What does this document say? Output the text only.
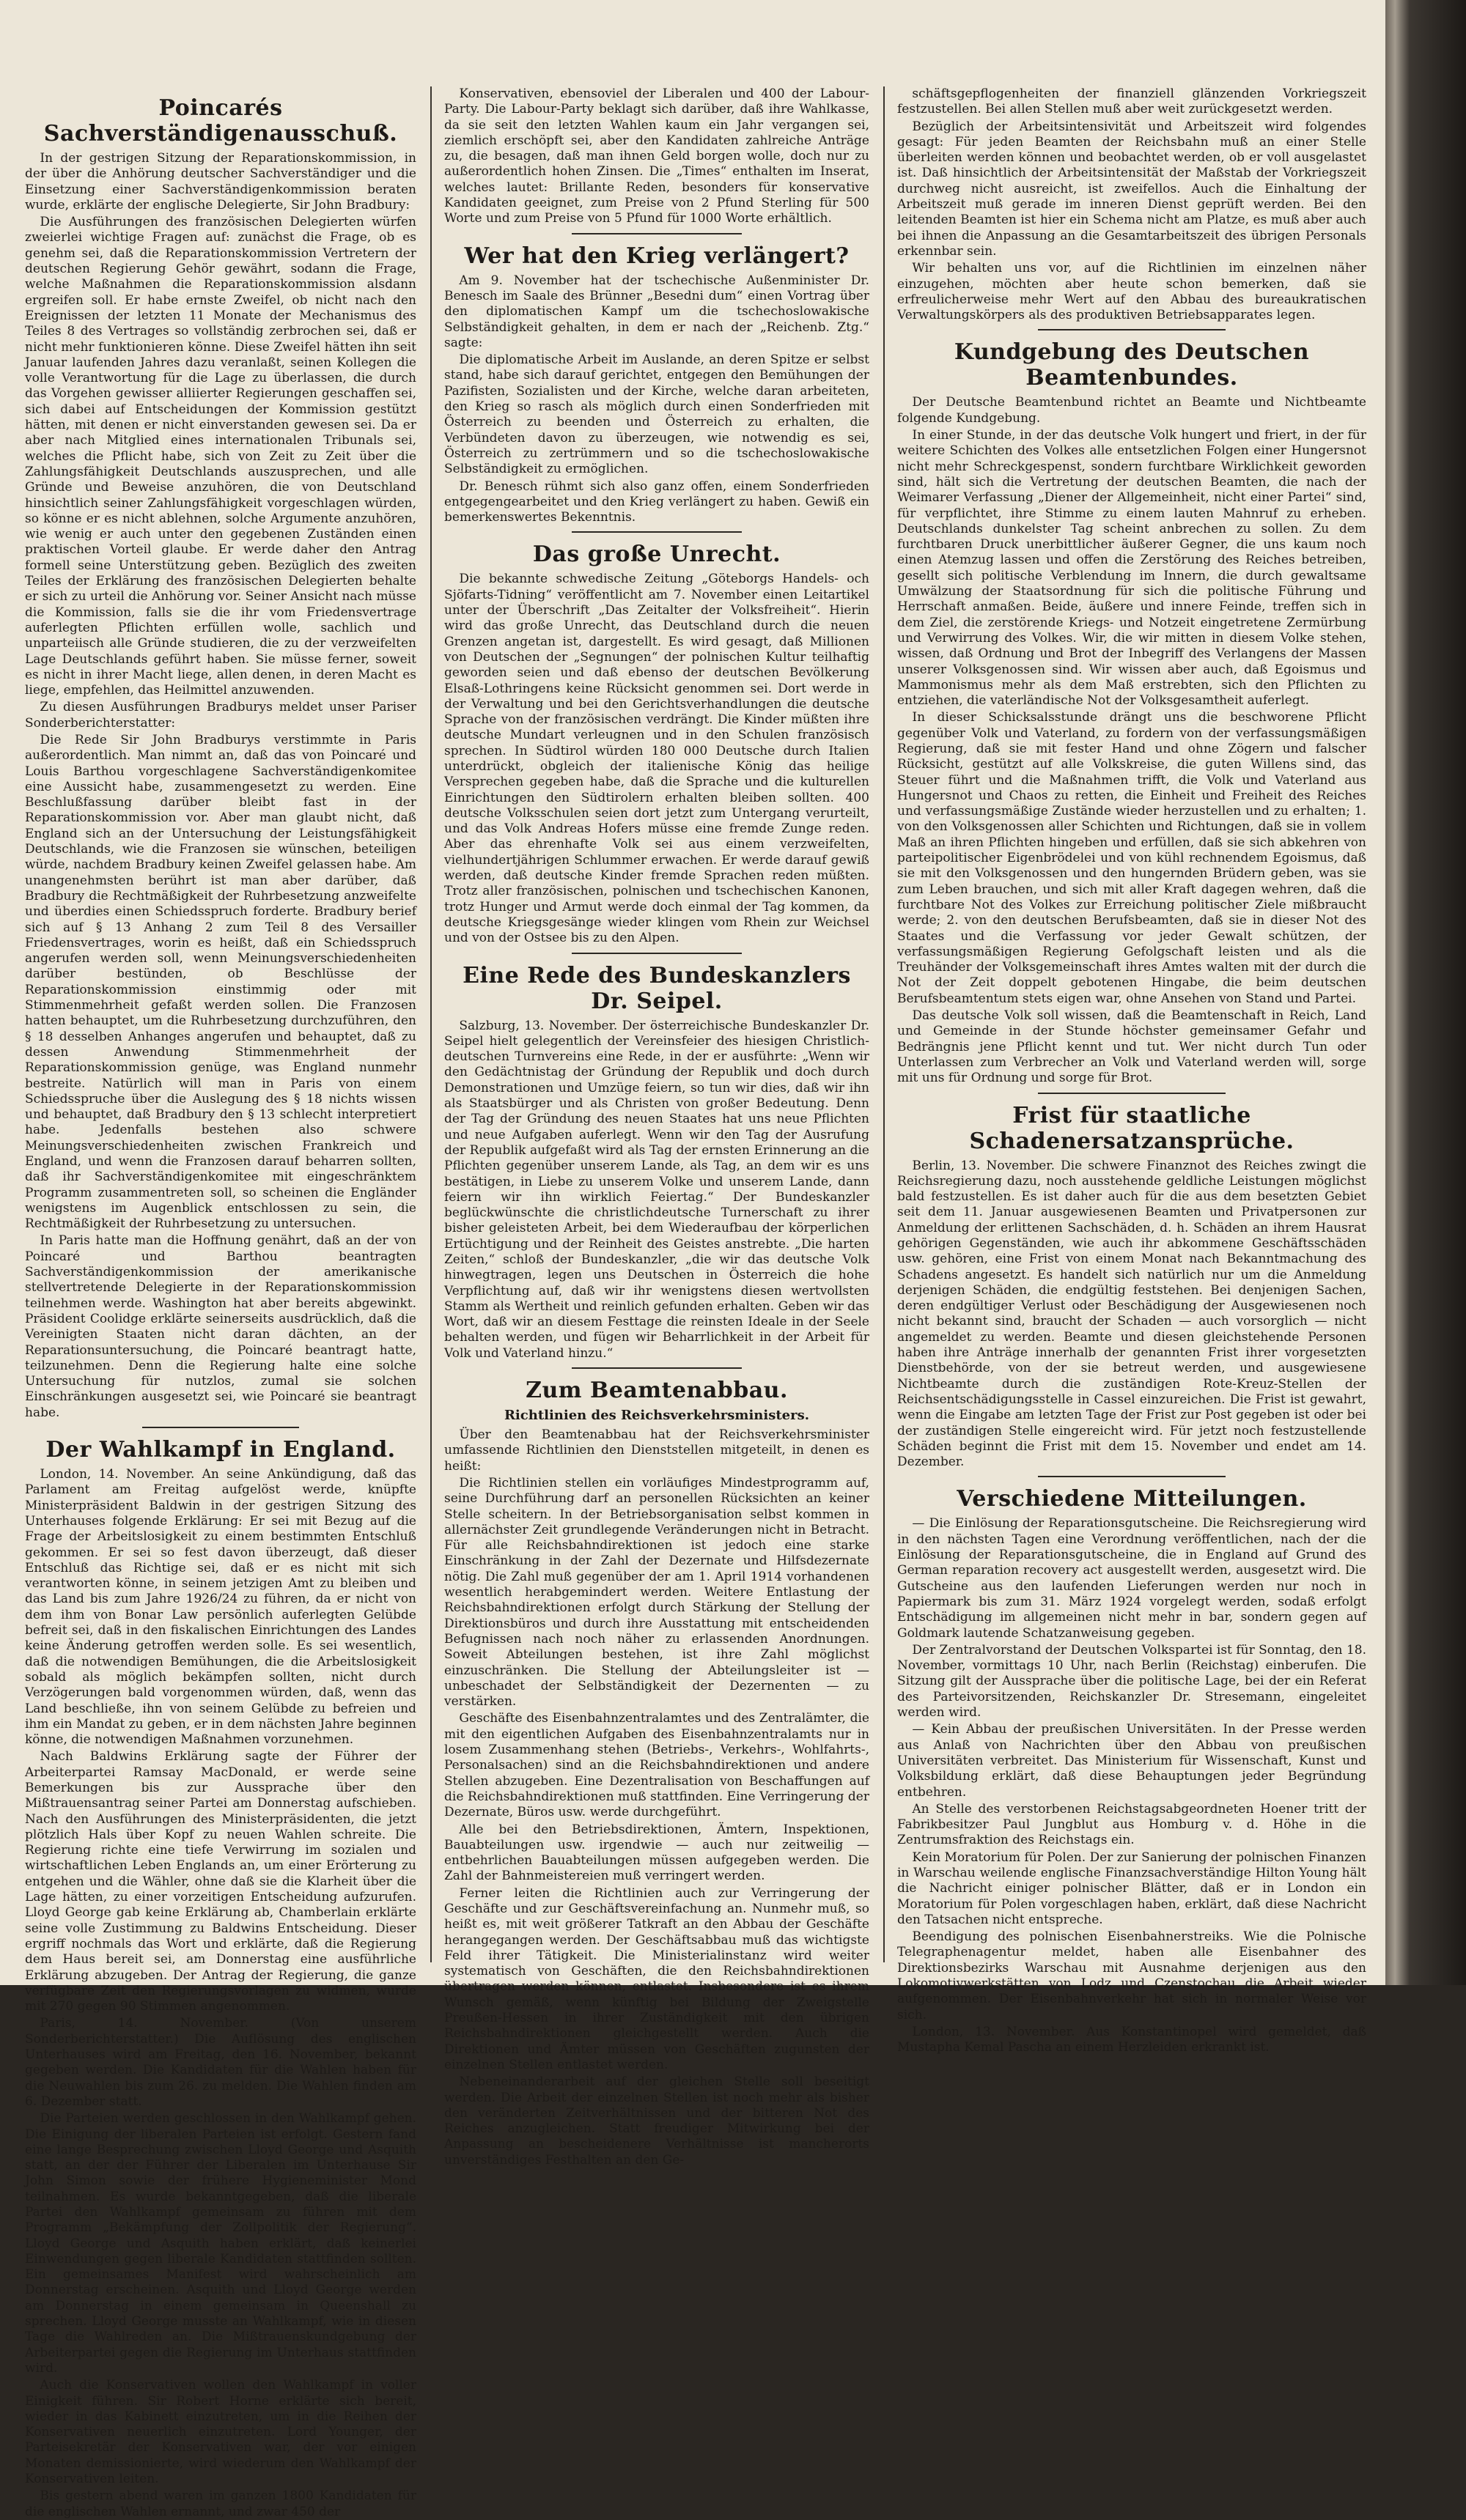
Poincarés Sachverständigenausschuß.

In der gestrigen Sitzung der Reparationskommission, in der über die Anhörung deutscher Sachverständiger und die Einsetzung einer Sachverständigenkommission beraten wurde, erklärte der englische Delegierte, Sir John Bradbury:

Die Ausführungen des französischen Delegierten würfen zweierlei wichtige Fragen auf: zunächst die Frage, ob es genehm sei, daß die Reparationskommission Vertretern der deutschen Regierung Gehör gewährt, sodann die Frage, welche Maßnahmen die Reparationskommission alsdann ergreifen soll. Er habe ernste Zweifel, ob nicht nach den Ereignissen der letzten 11 Monate der Mechanismus des Teiles 8 des Vertrages so vollständig zerbrochen sei, daß er nicht mehr funktionieren könne. Diese Zweifel hätten ihn seit Januar laufenden Jahres dazu veranlaßt, seinen Kollegen die volle Verantwortung für die Lage zu überlassen, die durch das Vorgehen gewisser alliierter Regierungen geschaffen sei, sich dabei auf Entscheidungen der Kommission gestützt hätten, mit denen er nicht einverstanden gewesen sei. Da er aber nach Mitglied eines internationalen Tribunals sei, welches die Pflicht habe, sich von Zeit zu Zeit über die Zahlungsfähigkeit Deutschlands auszusprechen, und alle Gründe und Beweise anzuhören, die von Deutschland hinsichtlich seiner Zahlungsfähigkeit vorgeschlagen würden, so könne er es nicht ablehnen, solche Argumente anzuhören, wie wenig er auch unter den gegebenen Zuständen einen praktischen Vorteil glaube. Er werde daher den Antrag formell seine Unterstützung geben. Bezüglich des zweiten Teiles der Erklärung des französischen Delegierten behalte er sich zu urteil die Anhörung vor. Seiner Ansicht nach müsse die Kommission, falls sie die ihr vom Friedensvertrage auferlegten Pflichten erfüllen wolle, sachlich und unparteiisch alle Gründe studieren, die zu der verzweifelten Lage Deutschlands geführt haben. Sie müsse ferner, soweit es nicht in ihrer Macht liege, allen denen, in deren Macht es liege, empfehlen, das Heilmittel anzuwenden.

Zu diesen Ausführungen Bradburys meldet unser Pariser Sonderberichterstatter:

Die Rede Sir John Bradburys verstimmte in Paris außerordentlich. Man nimmt an, daß das von Poincaré und Louis Barthou vorgeschlagene Sachverständigenkomitee eine Aussicht habe, zusammengesetzt zu werden. Eine Beschlußfassung darüber bleibt fast in der Reparationskommission vor. Aber man glaubt nicht, daß England sich an der Untersuchung der Leistungsfähigkeit Deutschlands, wie die Franzosen sie wünschen, beteiligen würde, nachdem Bradbury keinen Zweifel gelassen habe. Am unangenehmsten berührt ist man aber darüber, daß Bradbury die Rechtmäßigkeit der Ruhrbesetzung anzweifelte und überdies einen Schiedsspruch forderte. Bradbury berief sich auf § 13 Anhang 2 zum Teil 8 des Versailler Friedensvertrages, worin es heißt, daß ein Schiedsspruch angerufen werden soll, wenn Meinungsverschiedenheiten darüber bestünden, ob Beschlüsse der Reparationskommission einstimmig oder mit Stimmenmehrheit gefaßt werden sollen. Die Franzosen hatten behauptet, um die Ruhrbesetzung durchzuführen, den § 18 desselben Anhanges angerufen und behauptet, daß zu dessen Anwendung Stimmenmehrheit der Reparationskommission genüge, was England nunmehr bestreite. Natürlich will man in Paris von einem Schiedsspruche über die Auslegung des § 18 nichts wissen und behauptet, daß Bradbury den § 13 schlecht interpretiert habe. Jedenfalls bestehen also schwere Meinungsverschiedenheiten zwischen Frankreich und England, und wenn die Franzosen darauf beharren sollten, daß ihr Sachverständigenkomitee mit eingeschränktem Programm zusammentreten soll, so scheinen die Engländer wenigstens im Augenblick entschlossen zu sein, die Rechtmäßigkeit der Ruhrbesetzung zu untersuchen.

In Paris hatte man die Hoffnung genährt, daß an der von Poincaré und Barthou beantragten Sachverständigenkommission der amerikanische stellvertretende Delegierte in der Reparationskommission teilnehmen werde. Washington hat aber bereits abgewinkt. Präsident Coolidge erklärte seinerseits ausdrücklich, daß die Vereinigten Staaten nicht daran dächten, an der Reparationsuntersuchung, die Poincaré beantragt hatte, teilzunehmen. Denn die Regierung halte eine solche Untersuchung für nutzlos, zumal sie solchen Einschränkungen ausgesetzt sei, wie Poincaré sie beantragt habe.

Der Wahlkampf in England.

London, 14. November. An seine Ankündigung, daß das Parlament am Freitag aufgelöst werde, knüpfte Ministerpräsident Baldwin in der gestrigen Sitzung des Unterhauses folgende Erklärung: Er sei mit Bezug auf die Frage der Arbeitslosigkeit zu einem bestimmten Entschluß gekommen. Er sei so fest davon überzeugt, daß dieser Entschluß das Richtige sei, daß er es nicht mit sich verantworten könne, in seinem jetzigen Amt zu bleiben und das Land bis zum Jahre 1926/24 zu führen, da er nicht von dem ihm von Bonar Law persönlich auferlegten Gelübde befreit sei, daß in den fiskalischen Einrichtungen des Landes keine Änderung getroffen werden solle. Es sei wesentlich, daß die notwendigen Bemühungen, die die Arbeitslosigkeit sobald als möglich bekämpfen sollten, nicht durch Verzögerungen bald vorgenommen würden, daß, wenn das Land beschließe, ihn von seinem Gelübde zu befreien und ihm ein Mandat zu geben, er in dem nächsten Jahre beginnen könne, die notwendigen Maßnahmen vorzunehmen.

Nach Baldwins Erklärung sagte der Führer der Arbeiterpartei Ramsay MacDonald, er werde seine Bemerkungen bis zur Aussprache über den Mißtrauensantrag seiner Partei am Donnerstag aufschieben. Nach den Ausführungen des Ministerpräsidenten, die jetzt plötzlich Hals über Kopf zu neuen Wahlen schreite. Die Regierung richte eine tiefe Verwirrung im sozialen und wirtschaftlichen Leben Englands an, um einer Erörterung zu entgehen und die Wähler, ohne daß sie die Klarheit über die Lage hätten, zu einer vorzeitigen Entscheidung aufzurufen. Lloyd George gab keine Erklärung ab, Chamberlain erklärte seine volle Zustimmung zu Baldwins Entscheidung. Dieser ergriff nochmals das Wort und erklärte, daß die Regierung dem Haus bereit sei, am Donnerstag eine ausführliche Erklärung abzugeben. Der Antrag der Regierung, die ganze verfügbare Zeit den Regierungsvorlagen zu widmen, wurde mit 270 gegen 90 Stimmen angenommen.

Paris, 14. November. (Von unserem Sonderberichterstatter.) Die Auflösung des englischen Unterhauses wird am Freitag, den 16. November, bekannt gegeben werden. Die Kandidaten für die Wahlen haben für die Neuwahlen bis zum 26. zu melden. Die Wahlen finden am 6. Dezember statt.

Die Parteien werden geschlossen in den Wahlkampf gehen. Die Einigung der liberalen Parteien ist erfolgt. Gestern fand eine lange Besprechung zwischen Lloyd George und Asquith statt, an der der Führer der Liberalen im Unterhause Sir John Simon sowie der frühere Hygieneminister Mond teilnahmen. Es wurde bekanntgegeben, daß die liberale Partei den Wahlkampf gemeinsam zu führen mit dem Programm „Bekämpfung der Zollpolitik der Regierung“. Lloyd George und Asquith haben erklärt, daß keinerlei Einwendungen gegen liberale Kandidaten stattfinden sollten. Ein gemeinsames Manifest wird wahrscheinlich am Donnerstag erscheinen. Asquith und Lloyd George werden am Donnerstag in einem gemeinsam in Queenshall zu sprechen. Lloyd George musste an Wahlkampf, wie in diesen Tage die Wahlreden an. Die Mißtrauenskundgebung der Arbeiterpartei gegen die Regierung im Unterhaus stattfinden wird.

Auch die Konservativen wollen den Wahlkampf in voller Einigkeit führen. Sir Robert Horne erklärte sich bereit, wieder in das Kabinett einzutreten, um in die Reihen der Konservativen neuerlich einzutreten. Lord Younger, der Parteisekretär der Konservativen war, der vor einigen Monaten demissionierte, wird wiederum den Wahlkampf der Konservativen leiten.

Bis gestern abend waren im ganzen 1800 Kandidaten für die englischen Wahlen ernannt, und zwar 450 der

Konservativen, ebensoviel der Liberalen und 400 der Labour-Party. Die Labour-Party beklagt sich darüber, daß ihre Wahlkasse, da sie seit den letzten Wahlen kaum ein Jahr vergangen sei, ziemlich erschöpft sei, aber den Kandidaten zahlreiche Anträge zu, die besagen, daß man ihnen Geld borgen wolle, doch nur zu außerordentlich hohen Zinsen. Die „Times“ enthalten im Inserat, welches lautet: Brillante Reden, besonders für konservative Kandidaten geeignet, zum Preise von 2 Pfund Sterling für 500 Worte und zum Preise von 5 Pfund für 1000 Worte erhältlich.

Wer hat den Krieg verlängert?

Am 9. November hat der tschechische Außenminister Dr. Benesch im Saale des Brünner „Besedni dum“ einen Vortrag über den diplomatischen Kampf um die tschechoslowakische Selbständigkeit gehalten, in dem er nach der „Reichenb. Ztg.“ sagte:

Die diplomatische Arbeit im Auslande, an deren Spitze er selbst stand, habe sich darauf gerichtet, entgegen den Bemühungen der Pazifisten, Sozialisten und der Kirche, welche daran arbeiteten, den Krieg so rasch als möglich durch einen Sonderfrieden mit Österreich zu beenden und Österreich zu erhalten, die Verbündeten davon zu überzeugen, wie notwendig es sei, Österreich zu zertrümmern und so die tschechoslowakische Selbständigkeit zu ermöglichen.

Dr. Benesch rühmt sich also ganz offen, einem Sonderfrieden entgegengearbeitet und den Krieg verlängert zu haben. Gewiß ein bemerkenswertes Bekenntnis.

Das große Unrecht.

Die bekannte schwedische Zeitung „Göteborgs Handels- och Sjöfarts-Tidning“ veröffentlicht am 7. November einen Leitartikel unter der Überschrift „Das Zeitalter der Volksfreiheit“. Hierin wird das große Unrecht, das Deutschland durch die neuen Grenzen angetan ist, dargestellt. Es wird gesagt, daß Millionen von Deutschen der „Segnungen“ der polnischen Kultur teilhaftig geworden seien und daß ebenso der deutschen Bevölkerung Elsaß-Lothringens keine Rücksicht genommen sei. Dort werde in der Verwaltung und bei den Gerichtsverhandlungen die deutsche Sprache von der französischen verdrängt. Die Kinder müßten ihre deutsche Mundart verleugnen und in den Schulen französisch sprechen. In Südtirol würden 180 000 Deutsche durch Italien unterdrückt, obgleich der italienische König das heilige Versprechen gegeben habe, daß die Sprache und die kulturellen Einrichtungen den Südtirolern erhalten bleiben sollten. 400 deutsche Volksschulen seien dort jetzt zum Untergang verurteilt, und das Volk Andreas Hofers müsse eine fremde Zunge reden. Aber das ehrenhafte Volk sei aus einem verzweifelten, vielhundertjährigen Schlummer erwachen. Er werde darauf gewiß werden, daß deutsche Kinder fremde Sprachen reden müßten. Trotz aller französischen, polnischen und tschechischen Kanonen, trotz Hunger und Armut werde doch einmal der Tag kommen, da deutsche Kriegsgesänge wieder klingen vom Rhein zur Weichsel und von der Ostsee bis zu den Alpen.

Eine Rede des Bundeskanzlers Dr. Seipel.

Salzburg, 13. November. Der österreichische Bundeskanzler Dr. Seipel hielt gelegentlich der Vereinsfeier des hiesigen Christlich-deutschen Turnvereins eine Rede, in der er ausführte: „Wenn wir den Gedächtnistag der Gründung der Republik und doch durch Demonstrationen und Umzüge feiern, so tun wir dies, daß wir ihn als Staatsbürger und als Christen von großer Bedeutung. Denn der Tag der Gründung des neuen Staates hat uns neue Pflichten und neue Aufgaben auferlegt. Wenn wir den Tag der Ausrufung der Republik aufgefaßt wird als Tag der ernsten Erinnerung an die Pflichten gegenüber unserem Lande, als Tag, an dem wir es uns bestätigen, in Liebe zu unserem Volke und unserem Lande, dann feiern wir ihn wirklich Feiertag.“ Der Bundeskanzler beglückwünschte die christlichdeutsche Turnerschaft zu ihrer bisher geleisteten Arbeit, bei dem Wiederaufbau der körperlichen Ertüchtigung und der Reinheit des Geistes anstrebte. „Die harten Zeiten,“ schloß der Bundeskanzler, „die wir das deutsche Volk hinwegtragen, legen uns Deutschen in Österreich die hohe Verpflichtung auf, daß wir ihr wenigstens diesen wertvollsten Stamm als Wertheit und reinlich gefunden erhalten. Geben wir das Wort, daß wir an diesem Festtage die reinsten Ideale in der Seele behalten werden, und fügen wir Beharrlichkeit in der Arbeit für Volk und Vaterland hinzu.“

Zum Beamtenabbau.
Richtlinien des Reichsverkehrsministers.

Über den Beamtenabbau hat der Reichsverkehrsminister umfassende Richtlinien den Dienststellen mitgeteilt, in denen es heißt:

Die Richtlinien stellen ein vorläufiges Mindestprogramm auf, seine Durchführung darf an personellen Rücksichten an keiner Stelle scheitern. In der Betriebsorganisation selbst kommen in allernächster Zeit grundlegende Veränderungen nicht in Betracht. Für alle Reichsbahndirektionen ist jedoch eine starke Einschränkung in der Zahl der Dezernate und Hilfsdezernate nötig. Die Zahl muß gegenüber der am 1. April 1914 vorhandenen wesentlich herabgemindert werden. Weitere Entlastung der Reichsbahndirektionen erfolgt durch Stärkung der Stellung der Direktionsbüros und durch ihre Ausstattung mit entscheidenden Befugnissen nach noch näher zu erlassenden Anordnungen. Soweit Abteilungen bestehen, ist ihre Zahl möglichst einzuschränken. Die Stellung der Abteilungsleiter ist — unbeschadet der Selbständigkeit der Dezernenten — zu verstärken.

Geschäfte des Eisenbahnzentralamtes und des Zentralämter, die mit den eigentlichen Aufgaben des Eisenbahnzentralamts nur in losem Zusammenhang stehen (Betriebs-, Verkehrs-, Wohlfahrts-, Personalsachen) sind an die Reichsbahndirektionen und andere Stellen abzugeben. Eine Dezentralisation von Beschaffungen auf die Reichsbahndirektionen muß stattfinden. Eine Verringerung der Dezernate, Büros usw. werde durchgeführt.

Alle bei den Betriebsdirektionen, Ämtern, Inspektionen, Bauabteilungen usw. irgendwie — auch nur zeitweilig — entbehrlichen Bauabteilungen müssen aufgegeben werden. Die Zahl der Bahnmeistereien muß verringert werden.

Ferner leiten die Richtlinien auch zur Verringerung der Geschäfte und zur Geschäftsvereinfachung an. Nunmehr muß, so heißt es, mit weit größerer Tatkraft an den Abbau der Geschäfte herangegangen werden. Der Geschäftsabbau muß das wichtigste Feld ihrer Tätigkeit. Die Ministerialinstanz wird weiter systematisch von Geschäften, die den Reichsbahndirektionen übertragen werden können, entlastet. Insbesondere ist es ihrem Wunsch gemäß, wenn künftig bei Bildung der Zweigstelle Preußen-Hessen in ihrer Zuständigkeit mit den übrigen Reichsbahndirektionen gleichgestellt werden. Auch die Direktionen und Ämter müssen von Geschäften zugunsten der einzelnen Stellen entlastet werden.

Nebeneinanderarbeit auf der gleichen Stelle soll beseitigt werden. Die Arbeit der einzelnen Stellen ist noch mehr als bisher den veränderten Zeitverhältnissen und der bitteren Not des Reiches anzugleichen. Statt freudiger Mitwirkung bei der Anpassung an bescheidenere Verhältnisse ist mancherorts unverständiges Festhalten an den Ge-

schäftsgepflogenheiten der finanziell glänzenden Vorkriegszeit festzustellen. Bei allen Stellen muß aber weit zurückgesetzt werden.

Bezüglich der Arbeitsintensivität und Arbeitszeit wird folgendes gesagt: Für jeden Beamten der Reichsbahn muß an einer Stelle überleiten werden können und beobachtet werden, ob er voll ausgelastet ist. Daß hinsichtlich der Arbeitsintensität der Maßstab der Vorkriegszeit durchweg nicht ausreicht, ist zweifellos. Auch die Einhaltung der Arbeitszeit muß gerade im inneren Dienst geprüft werden. Bei den leitenden Beamten ist hier ein Schema nicht am Platze, es muß aber auch bei ihnen die Anpassung an die Gesamtarbeitszeit des übrigen Personals erkennbar sein.

Wir behalten uns vor, auf die Richtlinien im einzelnen näher einzugehen, möchten aber heute schon bemerken, daß sie erfreulicherweise mehr Wert auf den Abbau des bureaukratischen Verwaltungskörpers als des produktiven Betriebsapparates legen.

Kundgebung des Deutschen Beamtenbundes.

Der Deutsche Beamtenbund richtet an Beamte und Nichtbeamte folgende Kundgebung.

In einer Stunde, in der das deutsche Volk hungert und friert, in der für weitere Schichten des Volkes alle entsetzlichen Folgen einer Hungersnot nicht mehr Schreckgespenst, sondern furchtbare Wirklichkeit geworden sind, hält sich die Vertretung der deutschen Beamten, die nach der Weimarer Verfassung „Diener der Allgemeinheit, nicht einer Partei“ sind, für verpflichtet, ihre Stimme zu einem lauten Mahnruf zu erheben. Deutschlands dunkelster Tag scheint anbrechen zu sollen. Zu dem furchtbaren Druck unerbittlicher äußerer Gegner, die uns kaum noch einen Atemzug lassen und offen die Zerstörung des Reiches betreiben, gesellt sich politische Verblendung im Innern, die durch gewaltsame Umwälzung der Staatsordnung für sich die politische Führung und Herrschaft anmaßen. Beide, äußere und innere Feinde, treffen sich in dem Ziel, die zerstörende Kriegs- und Notzeit eingetretene Zermürbung und Verwirrung des Volkes. Wir, die wir mitten in diesem Volke stehen, wissen, daß Ordnung und Brot der Inbegriff des Verlangens der Massen unserer Volksgenossen sind. Wir wissen aber auch, daß Egoismus und Mammonismus mehr als dem Maß erstrebten, sich den Pflichten zu entziehen, die vaterländische Not der Volksgesamtheit auferlegt.

In dieser Schicksalsstunde drängt uns die beschworene Pflicht gegenüber Volk und Vaterland, zu fordern von der verfassungsmäßigen Regierung, daß sie mit fester Hand und ohne Zögern und falscher Rücksicht, gestützt auf alle Volkskreise, die guten Willens sind, das Steuer führt und die Maßnahmen trifft, die Volk und Vaterland aus Hungersnot und Chaos zu retten, die Einheit und Freiheit des Reiches und verfassungsmäßige Zustände wieder herzustellen und zu erhalten; 1. von den Volksgenossen aller Schichten und Richtungen, daß sie in vollem Maß an ihren Pflichten hingeben und erfüllen, daß sie sich abkehren von parteipolitischer Eigenbrödelei und von kühl rechnendem Egoismus, daß sie mit den Volksgenossen und den hungernden Brüdern geben, was sie zum Leben brauchen, und sich mit aller Kraft dagegen wehren, daß die furchtbare Not des Volkes zur Erreichung politischer Ziele mißbraucht werde; 2. von den deutschen Berufsbeamten, daß sie in dieser Not des Staates und die Verfassung vor jeder Gewalt schützen, der verfassungsmäßigen Regierung Gefolgschaft leisten und als die Treuhänder der Volksgemeinschaft ihres Amtes walten mit der durch die Not der Zeit doppelt gebotenen Hingabe, die beim deutschen Berufsbeamtentum stets eigen war, ohne Ansehen von Stand und Partei.

Das deutsche Volk soll wissen, daß die Beamtenschaft in Reich, Land und Gemeinde in der Stunde höchster gemeinsamer Gefahr und Bedrängnis jene Pflicht kennt und tut. Wer nicht durch Tun oder Unterlassen zum Verbrecher an Volk und Vaterland werden will, sorge mit uns für Ordnung und sorge für Brot.

Frist für staatliche Schadenersatzansprüche.

Berlin, 13. November. Die schwere Finanznot des Reiches zwingt die Reichsregierung dazu, noch ausstehende geldliche Leistungen möglichst bald festzustellen. Es ist daher auch für die aus dem besetzten Gebiet seit dem 11. Januar ausgewiesenen Beamten und Privatpersonen zur Anmeldung der erlittenen Sachschäden, d. h. Schäden an ihrem Hausrat gehörigen Gegenständen, wie auch ihr abkommene Geschäftsschäden usw. gehören, eine Frist von einem Monat nach Bekanntmachung des Schadens angesetzt. Es handelt sich natürlich nur um die Anmeldung derjenigen Schäden, die endgültig feststehen. Bei denjenigen Sachen, deren endgültiger Verlust oder Beschädigung der Ausgewiesenen noch nicht bekannt sind, braucht der Schaden — auch vorsorglich — nicht angemeldet zu werden. Beamte und diesen gleichstehende Personen haben ihre Anträge innerhalb der genannten Frist ihrer vorgesetzten Dienstbehörde, von der sie betreut werden, und ausgewiesene Nichtbeamte durch die zuständigen Rote-Kreuz-Stellen der Reichsentschädigungsstelle in Cassel einzureichen. Die Frist ist gewahrt, wenn die Eingabe am letzten Tage der Frist zur Post gegeben ist oder bei der zuständigen Stelle eingereicht wird. Für jetzt noch festzustellende Schäden beginnt die Frist mit dem 15. November und endet am 14. Dezember.

Verschiedene Mitteilungen.

— Die Einlösung der Reparationsgutscheine. Die Reichsregierung wird in den nächsten Tagen eine Verordnung veröffentlichen, nach der die Einlösung der Reparationsgutscheine, die in England auf Grund des German reparation recovery act ausgestellt werden, ausgesetzt wird. Die Gutscheine aus den laufenden Lieferungen werden nur noch in Papiermark bis zum 31. März 1924 vorgelegt werden, sodaß erfolgt Entschädigung im allgemeinen nicht mehr in bar, sondern gegen auf Goldmark lautende Schatzanweisung gegeben.

Der Zentralvorstand der Deutschen Volkspartei ist für Sonntag, den 18. November, vormittags 10 Uhr, nach Berlin (Reichstag) einberufen. Die Sitzung gilt der Aussprache über die politische Lage, bei der ein Referat des Parteivorsitzenden, Reichskanzler Dr. Stresemann, eingeleitet werden wird.

— Kein Abbau der preußischen Universitäten. In der Presse werden aus Anlaß von Nachrichten über den Abbau von preußischen Universitäten verbreitet. Das Ministerium für Wissenschaft, Kunst und Volksbildung erklärt, daß diese Behauptungen jeder Begründung entbehren.

An Stelle des verstorbenen Reichstagsabgeordneten Hoener tritt der Fabrikbesitzer Paul Jungblut aus Homburg v. d. Höhe in die Zentrumsfraktion des Reichstags ein.

Kein Moratorium für Polen. Der zur Sanierung der polnischen Finanzen in Warschau weilende englische Finanzsachverständige Hilton Young hält die Nachricht einiger polnischer Blätter, daß er in London ein Moratorium für Polen vorgeschlagen haben, erklärt, daß diese Nachricht den Tatsachen nicht entspreche.

Beendigung des polnischen Eisenbahnerstreiks. Wie die Polnische Telegraphenagentur meldet, haben alle Eisenbahner des Direktionsbezirks Warschau mit Ausnahme derjenigen aus den Lokomotivwerkstätten von Lodz und Czenstochau die Arbeit wieder aufgenommen. Der Eisenbahnverkehr hat sich in normaler Weise vor sich.

London, 13. November. Aus Konstantinopel wird gemeldet, daß Mustapha Kemal Pascha an einem Herzleiden erkrankt ist.
